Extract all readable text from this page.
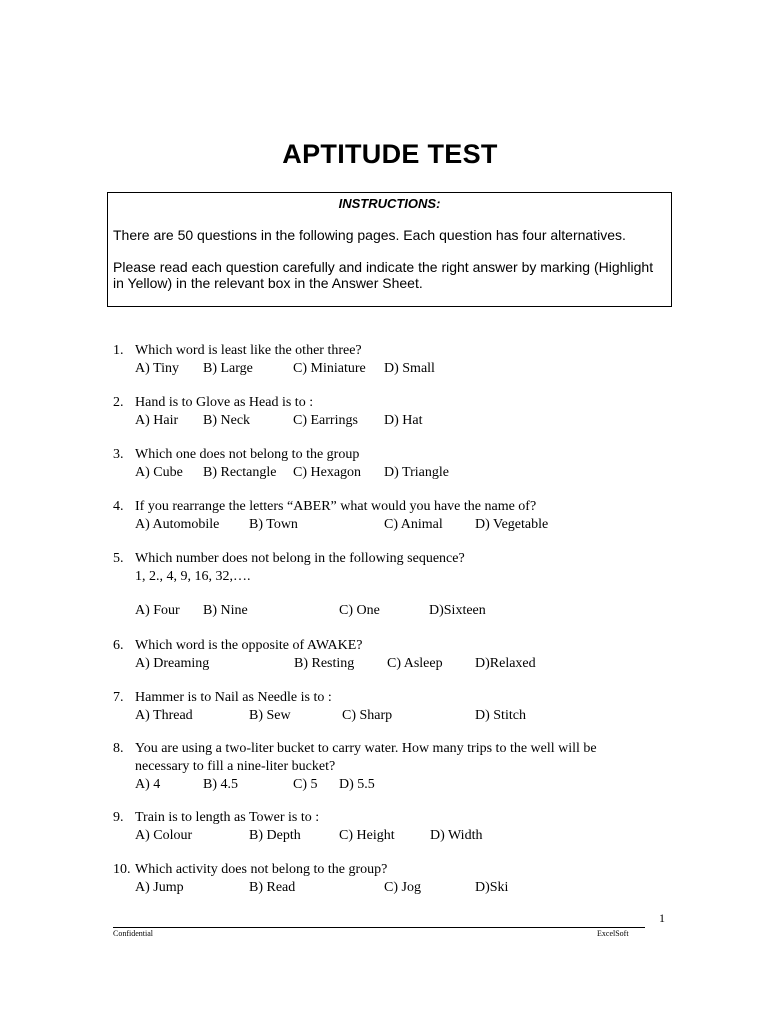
APTITUDE TEST
INSTRUCTIONS:

There are 50 questions in the following pages. Each question has four alternatives.

Please read each question carefully and indicate the right answer by marking (Highlight in Yellow) in the relevant box in the Answer Sheet.

1. Which word is least like the other three?
A) Tiny B) Large	C) Miniature D) Small
2. Hand is to Glove as Head is to :
A) Hair B) Neck	C) Earrings D) Hat
3. Which one does not belong to the group
A) Cube B) Rectangle C) Hexagon D) Triangle
4. If you rearrange the letters “ABER” what would you have the name of?
A) Automobile B) Town	C) Animal D) Vegetable
5. Which number does not belong in the following sequence?
1, 2., 4, 9, 16, 32,….
A) Four B) Nine	C) One	D)Sixteen
6. Which word is the opposite of AWAKE?
A) Dreaming	B) Resting C) Asleep D)Relaxed
7. Hammer is to Nail as Needle is to :
A) Thread	B) Sew	C) Sharp	D) Stitch
8. You are using a two-liter bucket to carry water. How many trips to the well will be
necessary to fill a nine-liter bucket?
A) 4	B) 4.5	C) 5 D) 5.5
9. Train is to length as Tower is to :
A) Colour	B) Depth	C) Height	D) Width
10. Which activity does not belong to the group?
A) Jump	B) Read	C) Jog	D)Ski
1
Confidential	ExcelSoft
